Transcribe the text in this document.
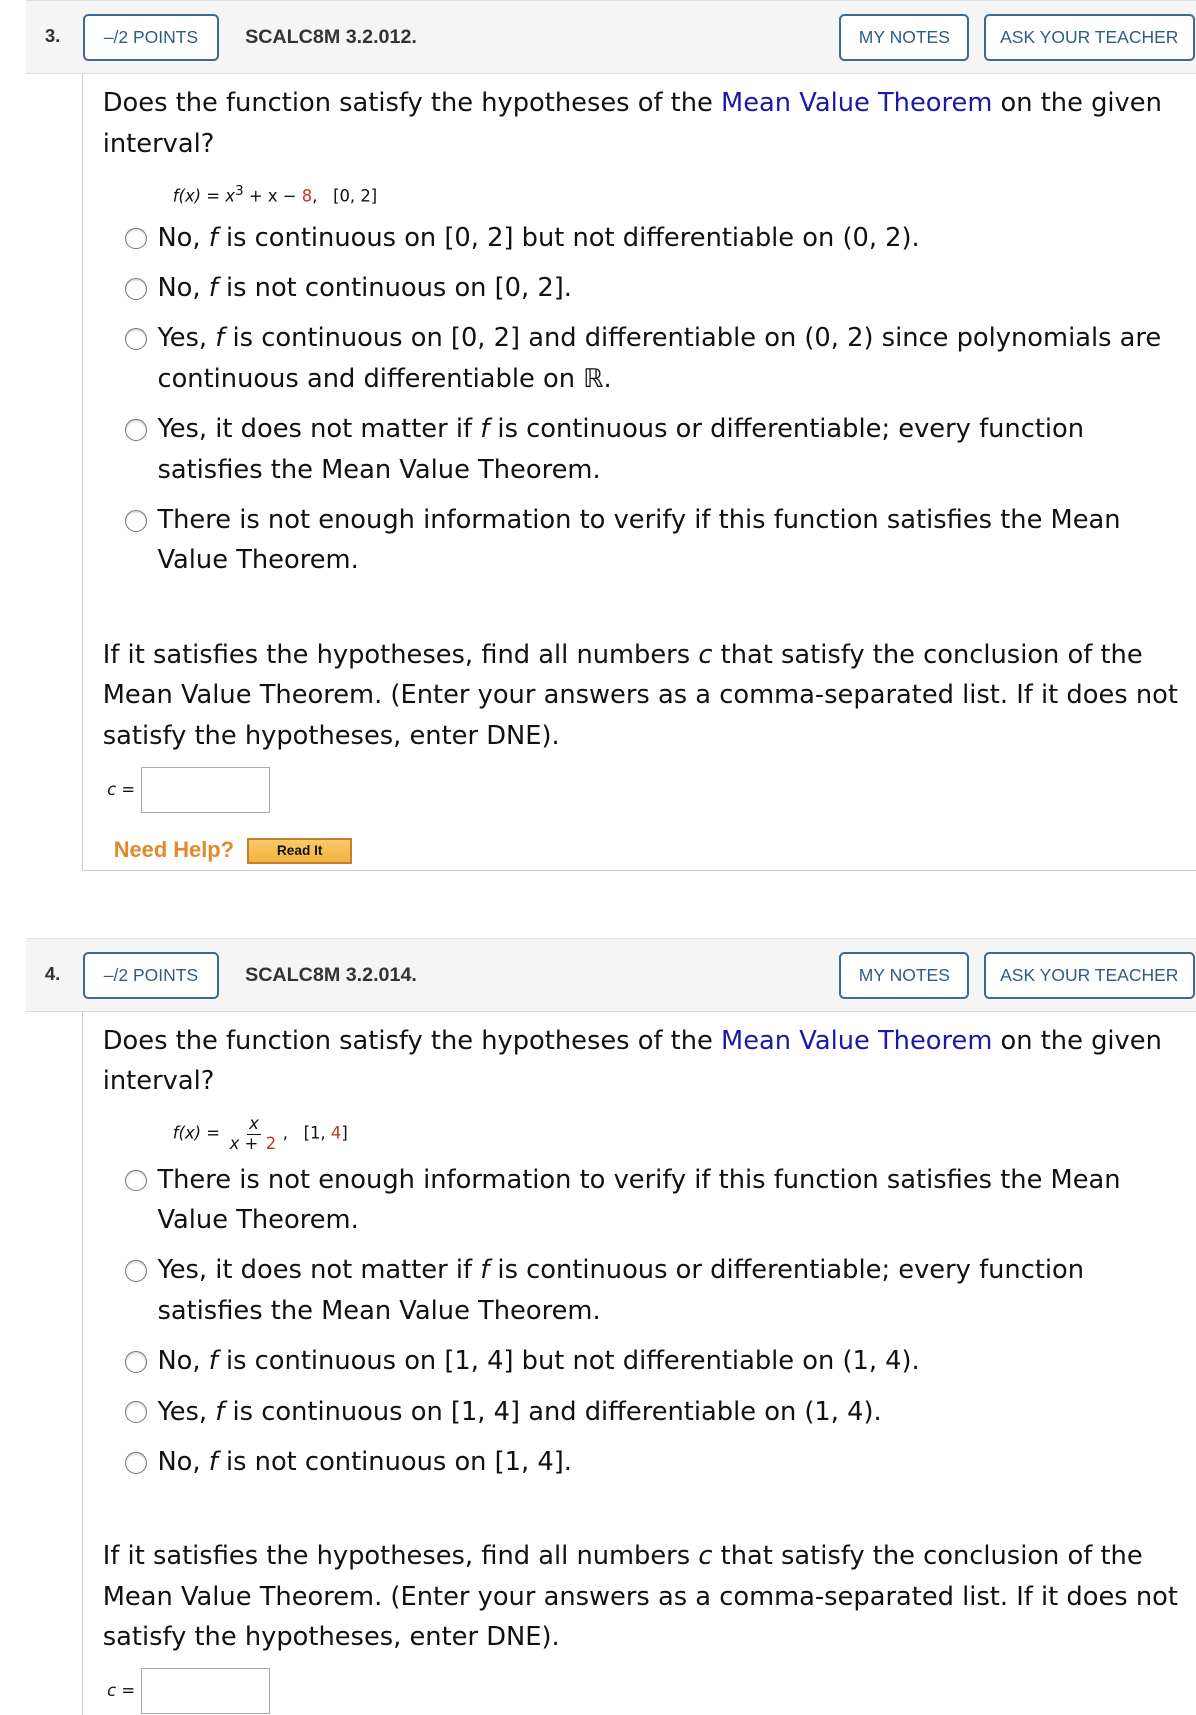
3.	–/2 POINTS	SCALC8M 3.2.012.	MY NOTES	ASK YOUR TEACHER

Does the function satisfy the hypotheses of the Mean Value Theorem on the given interval?

$f(x) = x^3 + x - 8$, [0, 2]
No, f is continuous on [0, 2] but not differentiable on (0, 2).
No, f is not continuous on [0, 2].
Yes, f is continuous on [0, 2] and differentiable on (0, 2) since polynomials are continuous and differentiable on ℝ.
Yes, it does not matter if f is continuous or differentiable; every function satisfies the Mean Value Theorem.
There is not enough information to verify if this function satisfies the Mean Value Theorem.

If it satisfies the hypotheses, find all numbers c that satisfy the conclusion of the Mean Value Theorem. (Enter your answers as a comma-separated list. If it does not satisfy the hypotheses, enter DNE).

c =
Need Help?	Read It
4.	–/2 POINTS	SCALC8M 3.2.014.	MY NOTES	ASK YOUR TEACHER

Does the function satisfy the hypotheses of the Mean Value Theorem on the given interval?

$f(x) = \frac{x}{x + 2}$ , [1, 4]
There is not enough information to verify if this function satisfies the Mean Value Theorem.
Yes, it does not matter if f is continuous or differentiable; every function satisfies the Mean Value Theorem.
No, f is continuous on [1, 4] but not differentiable on (1, 4).
Yes, f is continuous on [1, 4] and differentiable on (1, 4).
No, f is not continuous on [1, 4].

If it satisfies the hypotheses, find all numbers c that satisfy the conclusion of the Mean Value Theorem. (Enter your answers as a comma-separated list. If it does not satisfy the hypotheses, enter DNE).

c =
